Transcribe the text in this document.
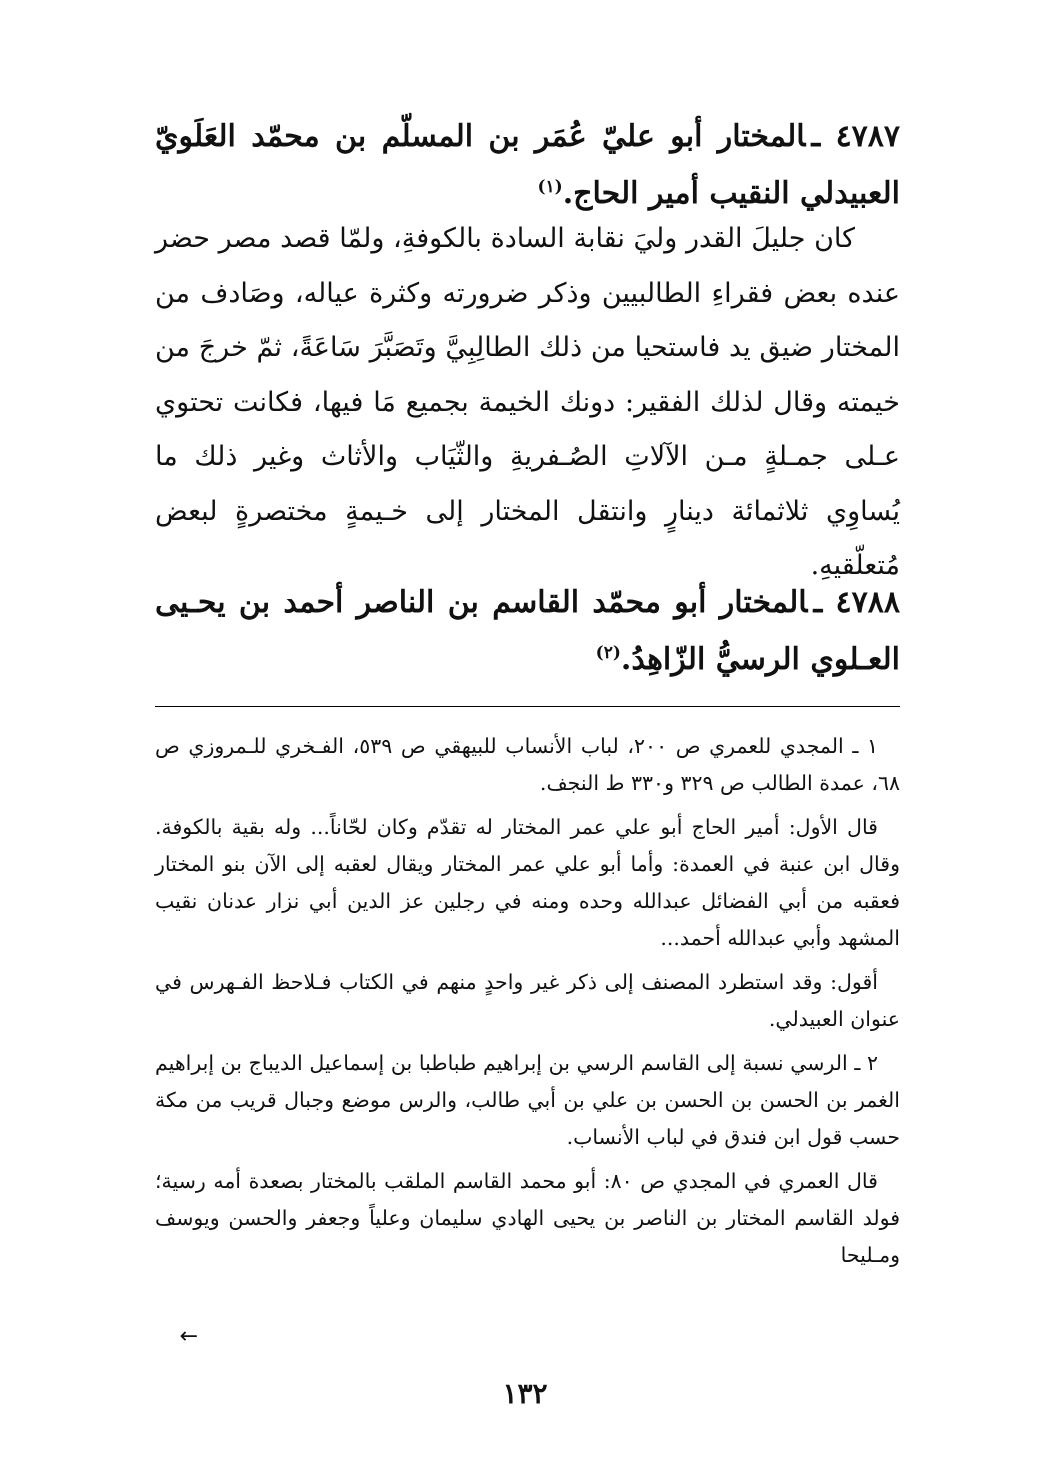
٤٧٨٧ ـالمختار أبو عليّ عُمَر بن المسلّم بن محمّد العَلَويّ العبيدلي النقيب أمير الحاج.$^{(١)}$

كان جليلَ القدر وليَ نقابة السادة بالكوفةِ، ولمّا قصد مصر حضر عنده بعض فقراءِ الطالبيين وذكر ضرورته وكثرة عياله، وصَادف من المختار ضيق يد فاستحيا من ذلك الطالِبِيَّ وتَصَبَّرَ سَاعَةً، ثمّ خرجَ من خيمته وقال لذلك الفقير: دونك الخيمة بجميع مَا فيها، فكانت تحتوي عـلى جمـلةٍ مـن الآلاتِ الصُـفريةِ والثّيَاب والأثاث وغير ذلك ما يُساوِي ثلاثمائة دينارٍ وانتقل المختار إلى خـيمةٍ مختصرةٍ لبعض مُتعلّقيهِ.

٤٧٨٨ ـالمختار أبو محمّد القاسم بن الناصر أحمد بن يحـيى العـلوي الرسيُّ الزّاهِدُ.$^{(٢)}$

١ ـ المجدي للعمري ص ٢٠٠، لباب الأنساب للبيهقي ص ٥٣٩، الفـخري للـمروزي ص ٦٨، عمدة الطالب ص ٣٢٩ و٣٣٠ ط النجف.

قال الأول: أمير الحاج أبو علي عمر المختار له تقدّم وكان لحّاناً... وله بقية بالكوفة. وقال ابن عنبة في العمدة: وأما أبو علي عمر المختار ويقال لعقبه إلى الآن بنو المختار فعقبه من أبي الفضائل عبدالله وحده ومنه في رجلين عز الدين أبي نزار عدنان نقيب المشهد وأبي عبدالله أحمد...

أقول: وقد استطرد المصنف إلى ذكر غير واحدٍ منهم في الكتاب فـلاحظ الفـهرس في عنوان العبيدلي.

٢ ـ الرسي نسبة إلى القاسم الرسي بن إبراهيم طباطبا بن إسماعيل الديباج بن إبراهيم الغمر بن الحسن بن الحسن بن علي بن أبي طالب، والرس موضع وجبال قريب من مكة حسب قول ابن فندق في لباب الأنساب.

قال العمري في المجدي ص ٨٠: أبو محمد القاسم الملقب بالمختار بصعدة أمه رسية؛ فولد القاسم المختار بن الناصر بن يحيى الهادي سليمان وعلياً وجعفر والحسن ويوسف ومـليحا

←
١٣٢
